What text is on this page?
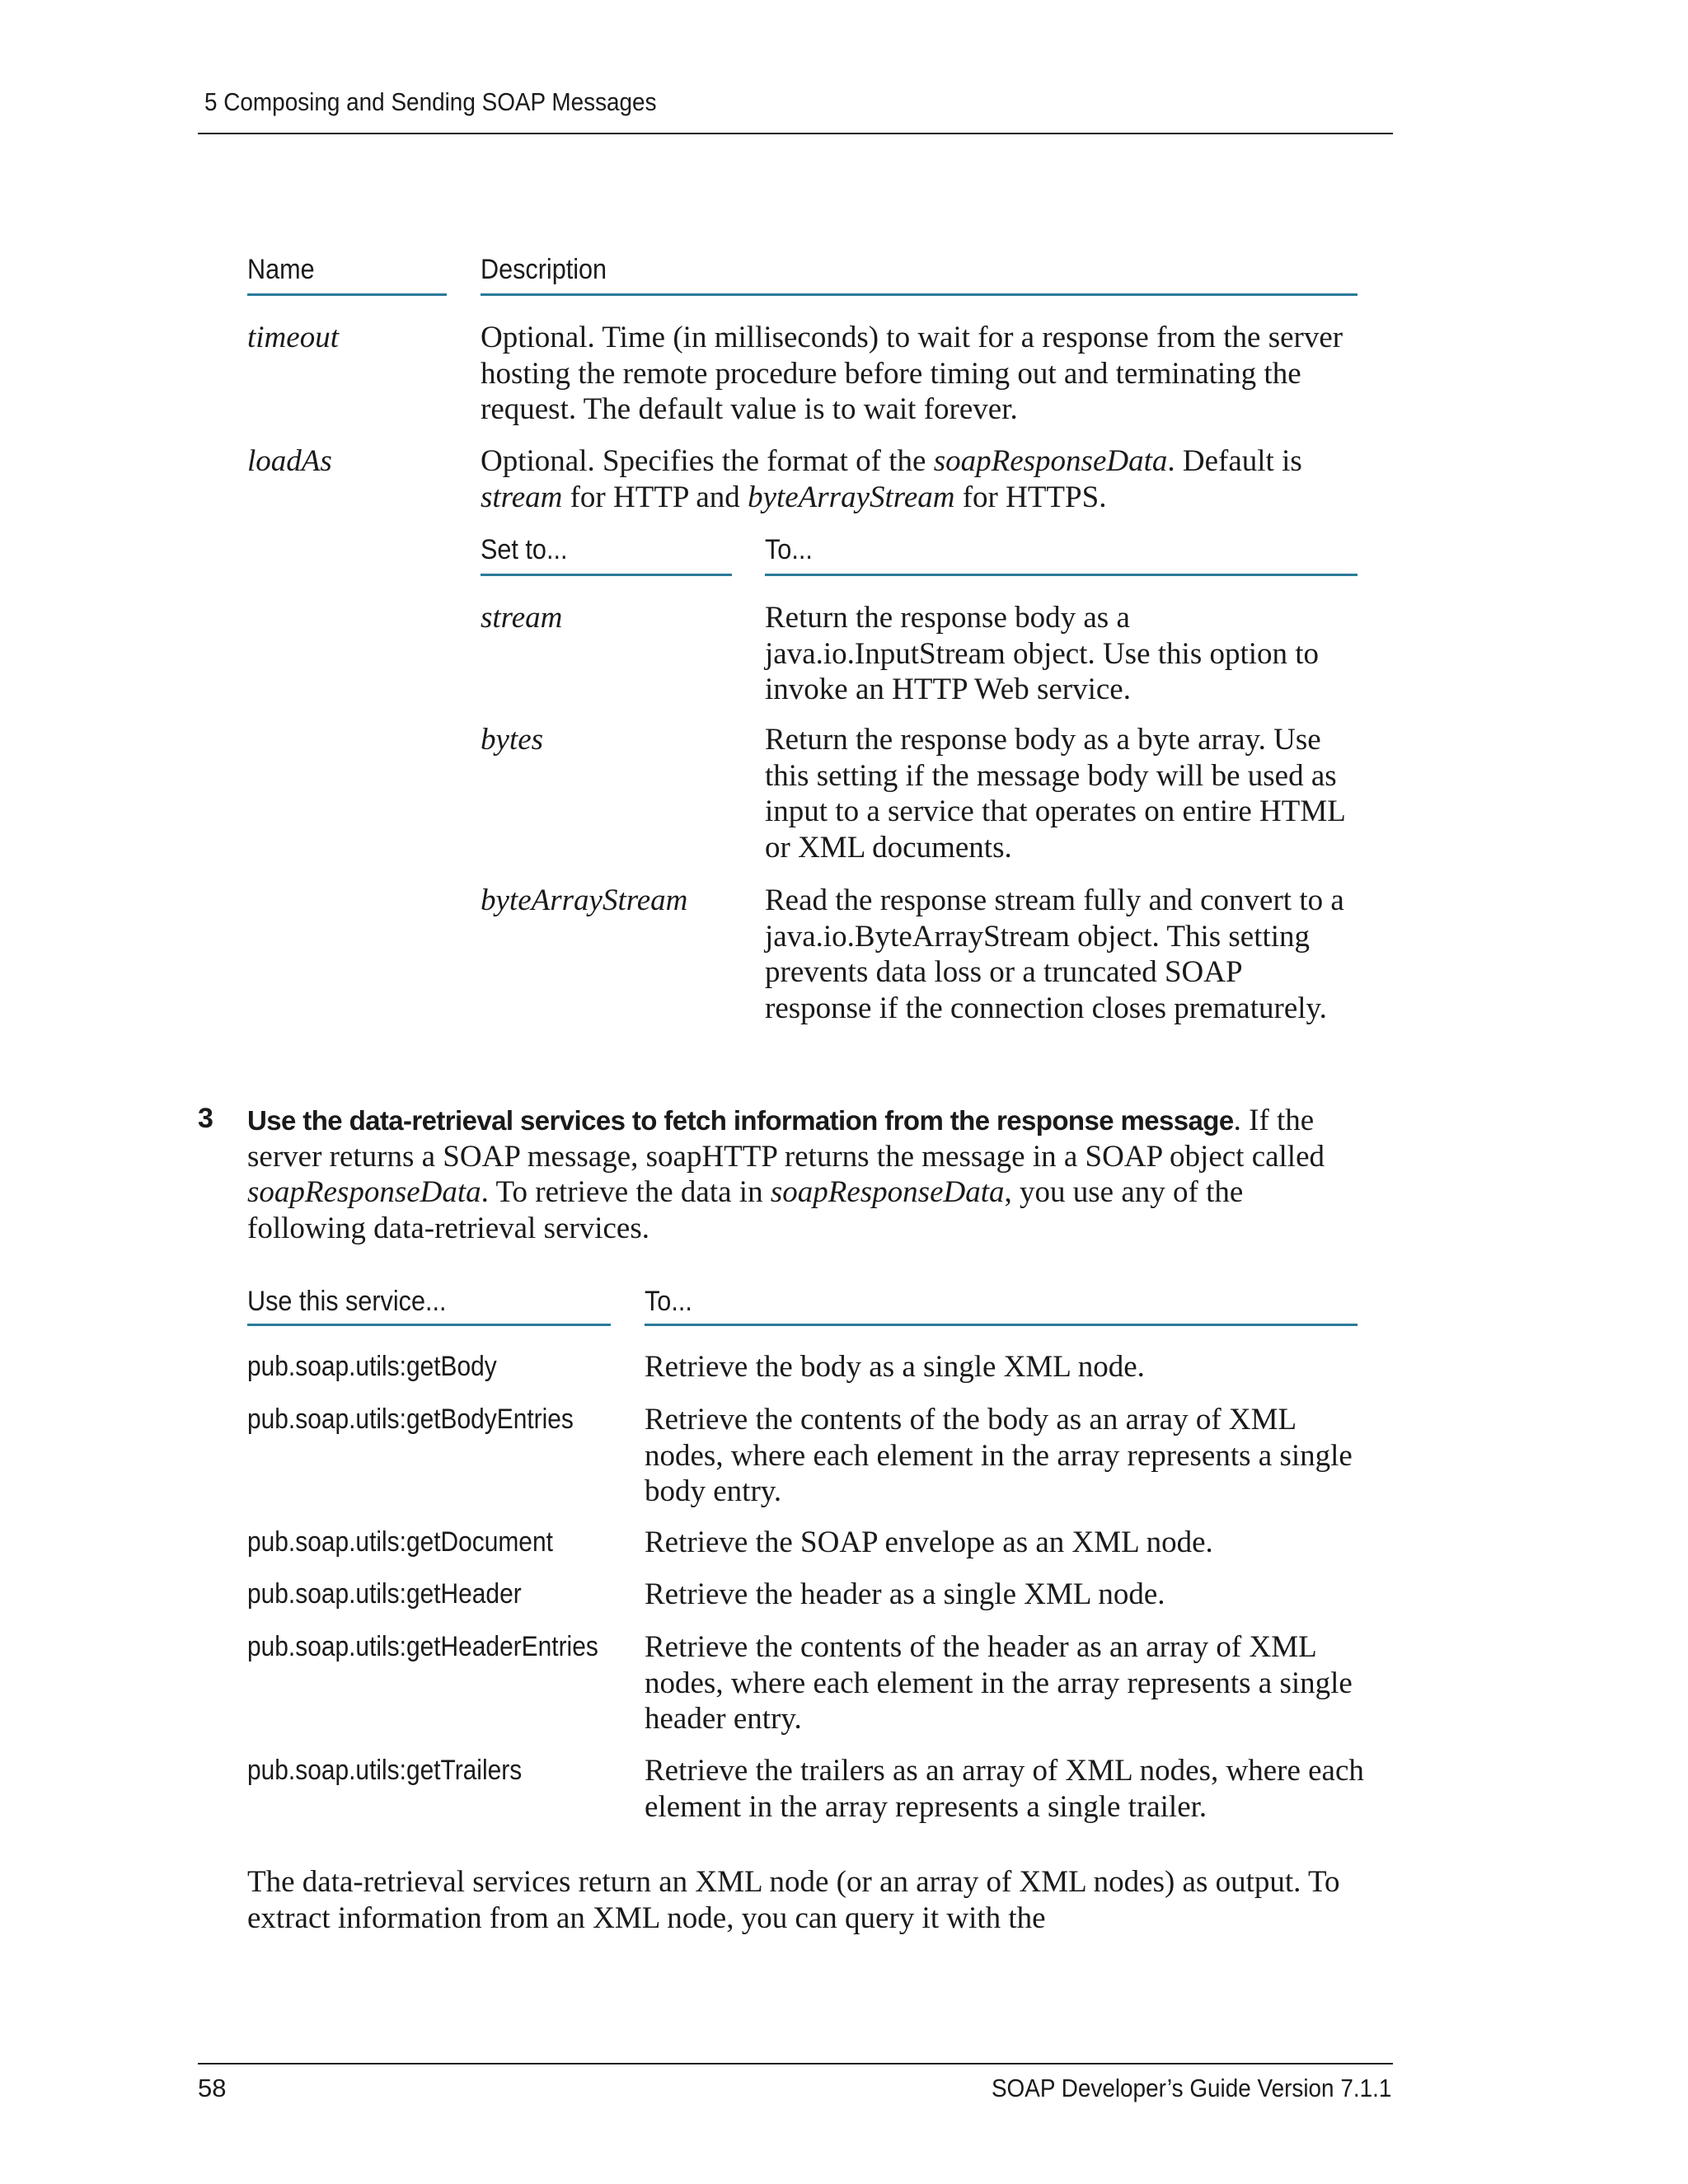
5 Composing and Sending SOAP Messages
Name	Description
timeout	Optional. Time (in milliseconds) to wait for a response from the server hosting the remote procedure before timing out and terminating the request. The default value is to wait forever.
loadAs	Optional. Specifies the format of the soapResponseData. Default is
stream for HTTP and byteArrayStream for HTTPS.
Set to...	To...
stream	Return the response body as a java.io.InputStream object. Use this option to invoke an HTTP Web service.
bytes	Return the response body as a byte array. Use this setting if the message body will be used as input to a service that operates on entire HTML or XML documents.
byteArrayStream	Read the response stream fully and convert to a java.io.ByteArrayStream object. This setting prevents data loss or a truncated SOAP response if the connection closes prematurely.
3 Use the data-retrieval services to fetch information from the response message. If the server returns a SOAP message, soapHTTP returns the message in a SOAP object called soapResponseData. To retrieve the data in soapResponseData, you use any of the following data-retrieval services.
Use this service...	To...
pub.soap.utils:getBody	Retrieve the body as a single XML node.
pub.soap.utils:getBodyEntries Retrieve the contents of the body as an array of XML nodes, where each element in the array represents a single body entry.
pub.soap.utils:getDocument	Retrieve the SOAP envelope as an XML node.
pub.soap.utils:getHeader	Retrieve the header as a single XML node.
pub.soap.utils:getHeaderEntries Retrieve the contents of the header as an array of XML nodes, where each element in the array represents a single header entry.
pub.soap.utils:getTrailers	Retrieve the trailers as an array of XML nodes, where each element in the array represents a single trailer.
The data-retrieval services return an XML node (or an array of XML nodes) as output. To extract information from an XML node, you can query it with the
58	SOAP Developer’s Guide Version 7.1.1
